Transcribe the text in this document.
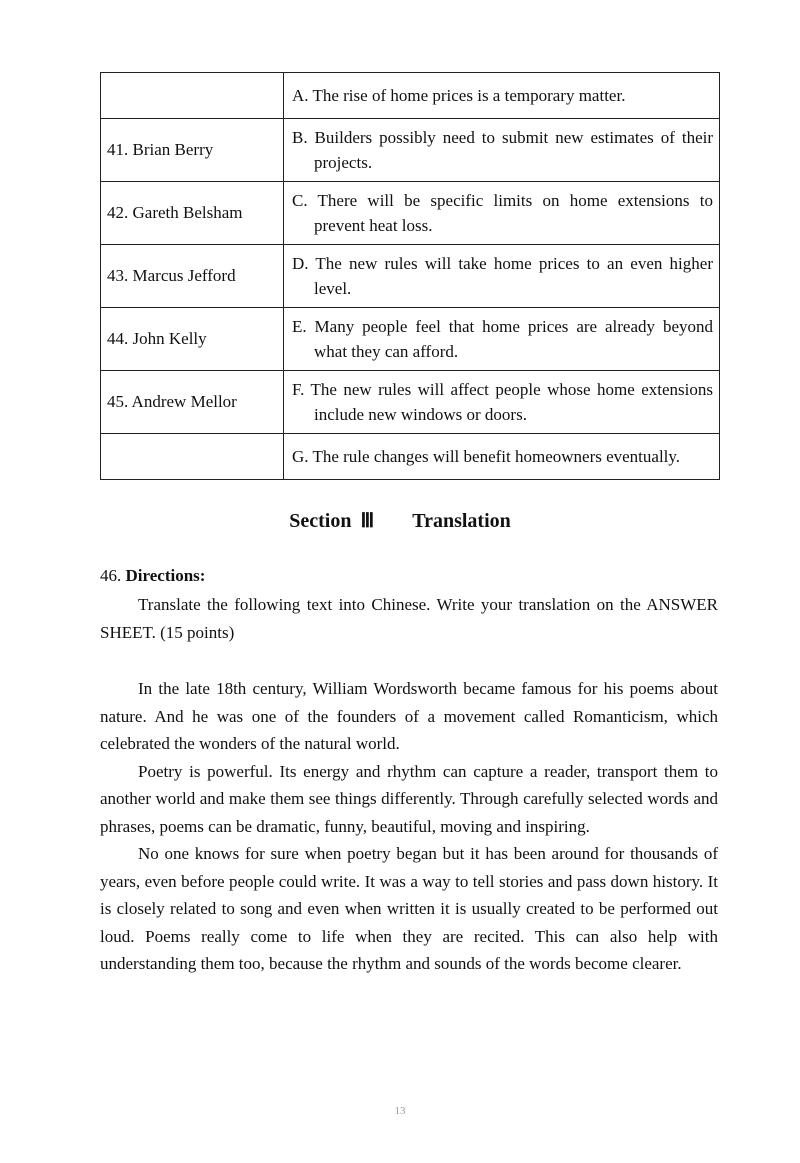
	A. The rise of home prices is a temporary matter.

41. Brian Berry	B. Builders possibly need to submit new estimates of their projects.

42. Gareth Belsham	C. There will be specific limits on home extensions to prevent heat loss.

43. Marcus Jefford	D. The new rules will take home prices to an even higher level.

44. John Kelly	E. Many people feel that home prices are already beyond what they can afford.

45. Andrew Mellor	F. The new rules will affect people whose home extensions include new windows or doors.

	G. The rule changes will benefit homeowners eventually.
Section Ⅲ Translation
46. Directions:

Translate the following text into Chinese. Write your translation on the ANSWER SHEET. (15 points)

In the late 18th century, William Wordsworth became famous for his poems about nature. And he was one of the founders of a movement called Romanticism, which celebrated the wonders of the natural world.

Poetry is powerful. Its energy and rhythm can capture a reader, transport them to another world and make them see things differently. Through carefully selected words and phrases, poems can be dramatic, funny, beautiful, moving and inspiring.

No one knows for sure when poetry began but it has been around for thousands of years, even before people could write. It was a way to tell stories and pass down history. It is closely related to song and even when written it is usually created to be performed out loud. Poems really come to life when they are recited. This can also help with understanding them too, because the rhythm and sounds of the words become clearer.

13
